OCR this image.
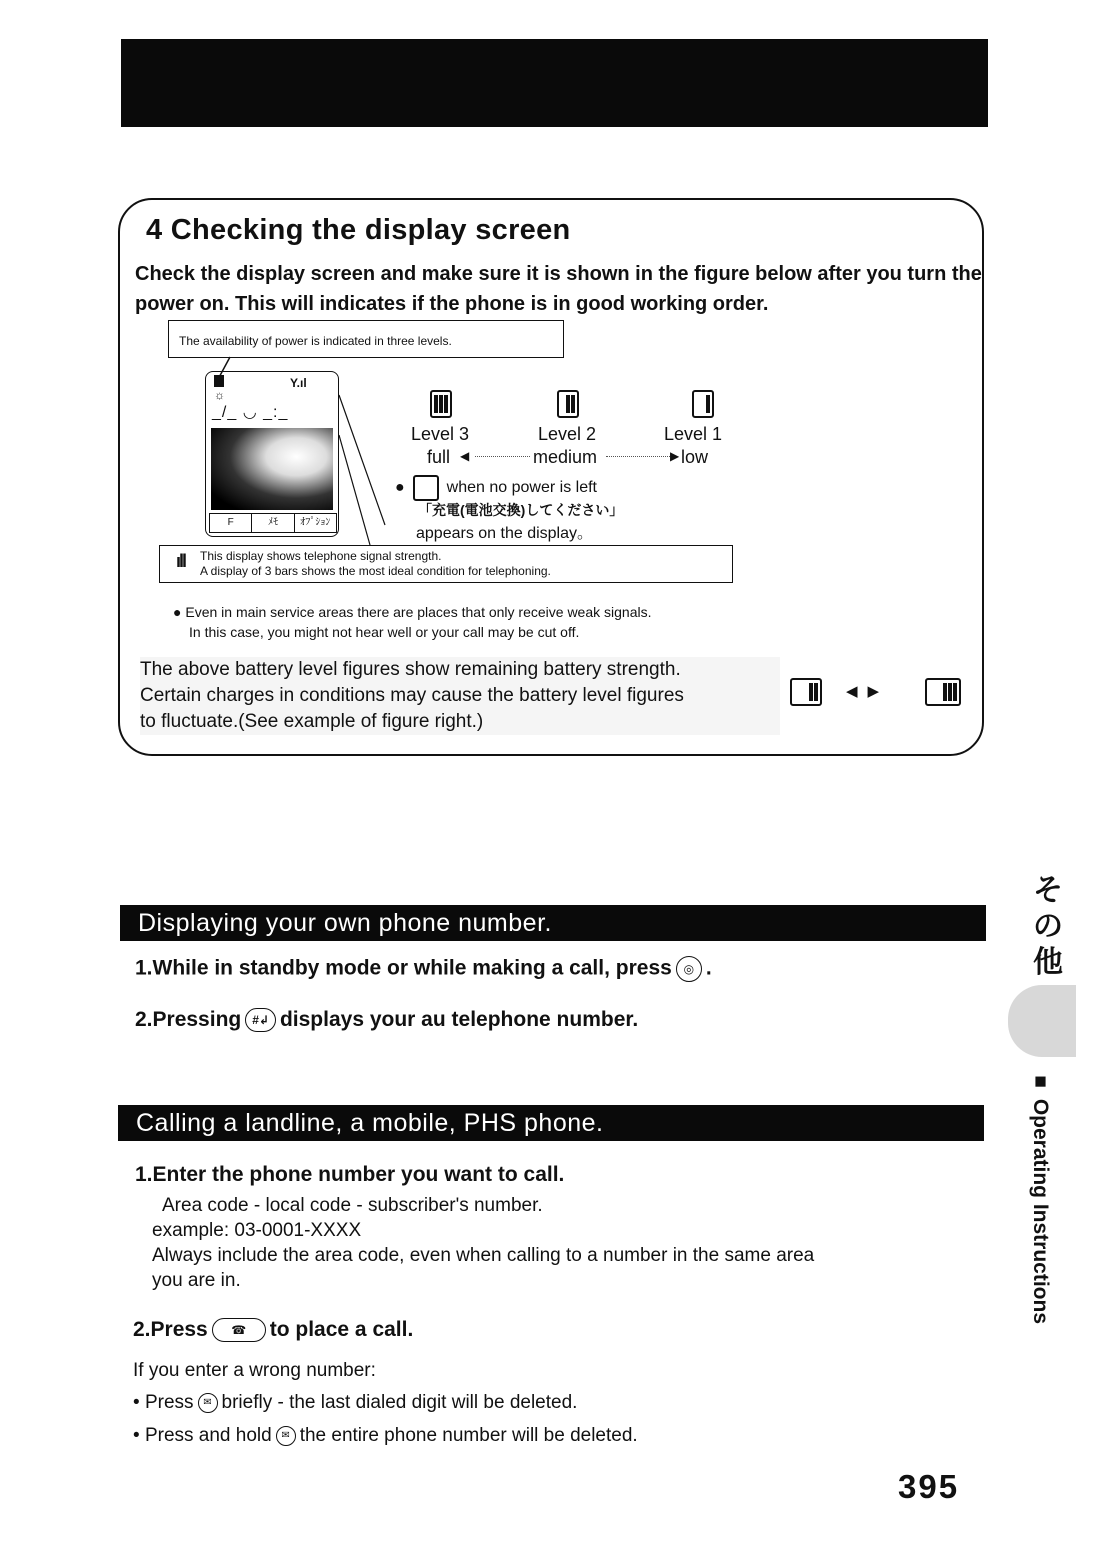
4 Checking the display screen
Check the display screen and make sure it is shown in the figure below after you turn the power on. This will indicates if the phone is in good working order.
The availability of power is indicated in three levels.
☼
Y.ıl
_/_ ◡ _:_
F	ﾒﾓ	ｵﾌﾟｼｮﾝ
Level 3	Level 2	Level 1
full ◀	medium	▶ low
●	when no power is left
「充電(電池交換)してください」
appears on the display。
ıll This display shows telephone signal strength.
A display of 3 bars shows the most ideal condition for telephoning.
● Even in main service areas there are places that only receive weak signals.
In this case, you might not hear well or your call may be cut off.
The above battery level figures show remaining battery strength.
Certain charges in conditions may cause the battery level figures
to fluctuate.(See example of figure right.)
◀▶
Displaying your own phone number.
1.While in standby mode or while making a call, press ◎ .
2.Pressing #↲ displays your au telephone number.
Calling a landline, a mobile, PHS phone.
1.Enter the phone number you want to call.
Area code - local code - subscriber's number.
example: 03-0001-XXXX
Always include the area code, even when calling to a number in the same area
you are in.
2.Press ☎ to place a call.
If you enter a wrong number:
• Press ✉ briefly - the last dialed digit will be deleted.
• Press and hold ✉ the entire phone number will be deleted.
その他
■ Operating Instructions
395
